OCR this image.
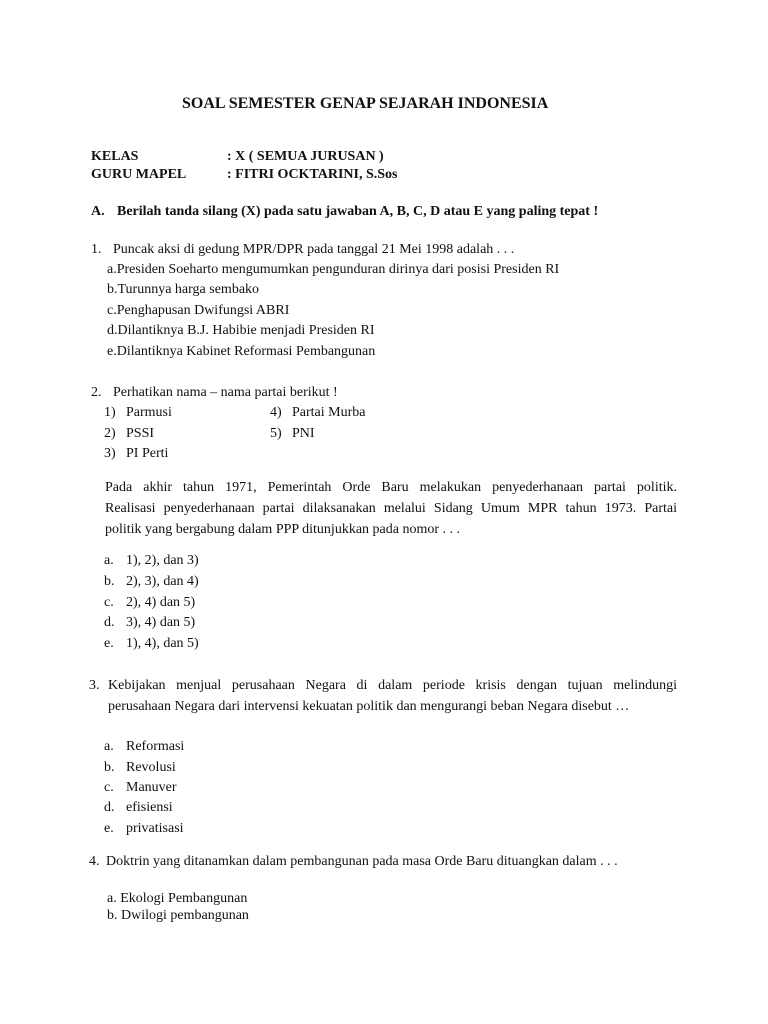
SOAL SEMESTER GENAP SEJARAH INDONESIA
KELAS	: X ( SEMUA JURUSAN )
GURU MAPEL	: FITRI OCKTARINI, S.Sos
A. Berilah tanda silang (X) pada satu jawaban A, B, C, D atau E yang paling tepat !
1. Puncak aksi di gedung MPR/DPR pada tanggal 21 Mei 1998 adalah . . .
a.Presiden Soeharto mengumumkan pengunduran dirinya dari posisi Presiden RI
b.Turunnya harga sembako
c.Penghapusan Dwifungsi ABRI
d.Dilantiknya B.J. Habibie menjadi Presiden RI
e.Dilantiknya Kabinet Reformasi Pembangunan
2. Perhatikan nama – nama partai berikut !
1) Parmusi
2) PSSI
3) PI Perti
4) Partai Murba
5) PNI
Pada akhir tahun 1971, Pemerintah Orde Baru melakukan penyederhanaan partai politik.
Realisasi penyederhanaan partai dilaksanakan melalui Sidang Umum MPR tahun 1973. Partai
politik yang bergabung dalam PPP ditunjukkan pada nomor . . .
a. 1), 2), dan 3)
b. 2), 3), dan 4)
c. 2), 4) dan 5)
d. 3), 4) dan 5)
e. 1), 4), dan 5)
3. Kebijakan menjual perusahaan Negara di dalam periode krisis dengan tujuan melindungi
perusahaan Negara dari intervensi kekuatan politik dan mengurangi beban Negara disebut …
a. Reformasi
b. Revolusi
c. Manuver
d. efisiensi
e. privatisasi
4. Doktrin yang ditanamkan dalam pembangunan pada masa Orde Baru dituangkan dalam . . .
a. Ekologi Pembangunan
b. Dwilogi pembangunan
